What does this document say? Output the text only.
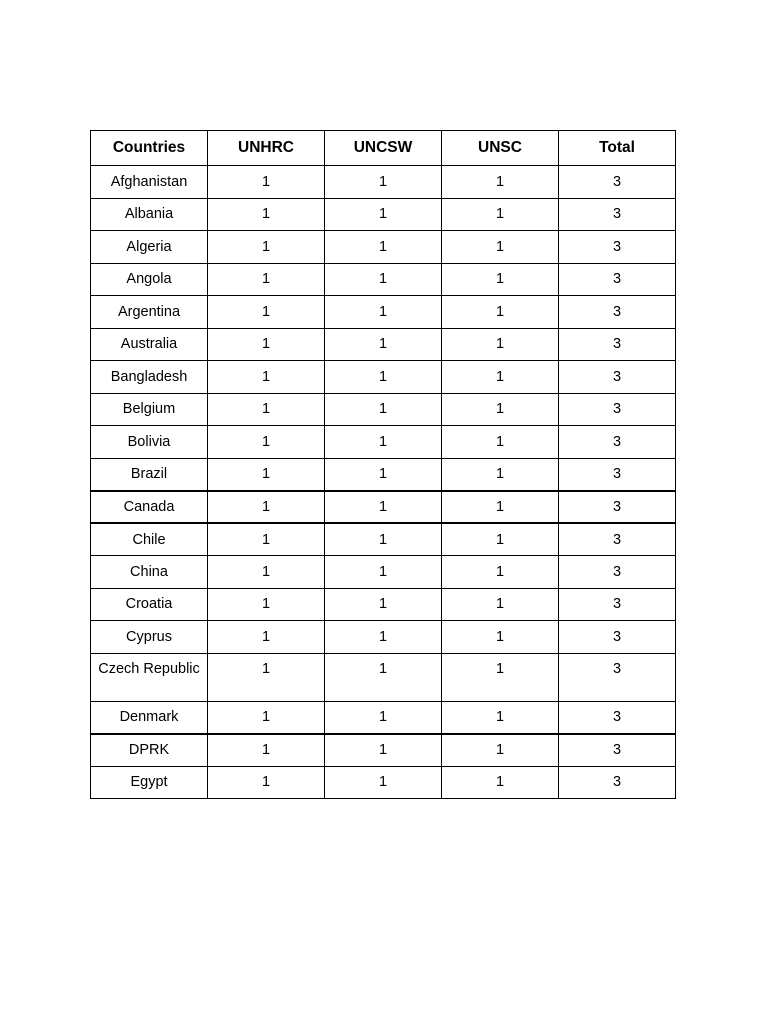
Countries	UNHRC	UNCSW	UNSC	Total
Afghanistan	1	1	1	3
Albania	1	1	1	3
Algeria	1	1	1	3
Angola	1	1	1	3
Argentina	1	1	1	3
Australia	1	1	1	3
Bangladesh	1	1	1	3
Belgium	1	1	1	3
Bolivia	1	1	1	3
Brazil	1	1	1	3
Canada	1	1	1	3
Chile	1	1	1	3
China	1	1	1	3
Croatia	1	1	1	3
Cyprus	1	1	1	3
Czech Republic	1	1	1	3
Denmark	1	1	1	3
DPRK	1	1	1	3
Egypt	1	1	1	3
